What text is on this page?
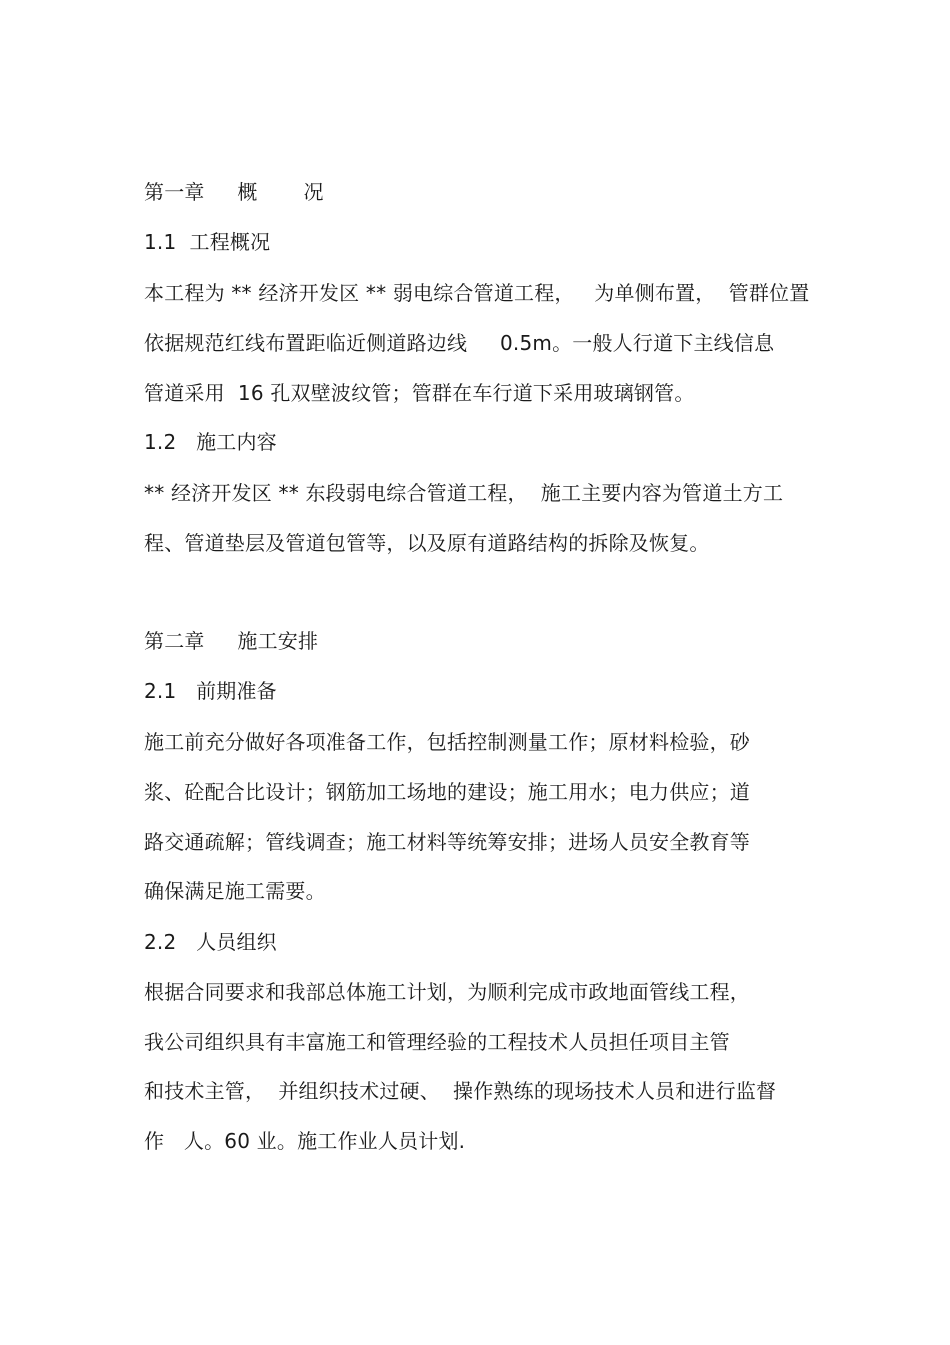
第一章     概       况
1.1  工程概况
本工程为 ** 经济开发区 ** 弱电综合管道工程，   为单侧布置，  管群位置
依据规范红线布置距临近侧道路边线     0.5m。一般人行道下主线信息
管道采用  16 孔双壁波纹管；管群在车行道下采用玻璃钢管。
1.2   施工内容
** 经济开发区 ** 东段弱电综合管道工程，  施工主要内容为管道土方工
程、管道垫层及管道包管等，以及原有道路结构的拆除及恢复。
第二章     施工安排
2.1   前期准备
施工前充分做好各项准备工作，包括控制测量工作；原材料检验，砂
浆、砼配合比设计；钢筋加工场地的建设；施工用水；电力供应；道
路交通疏解；管线调查；施工材料等统筹安排；进场人员安全教育等
确保满足施工需要。
2.2   人员组织
根据合同要求和我部总体施工计划，为顺利完成市政地面管线工程，
我公司组织具有丰富施工和管理经验的工程技术人员担任项目主管
和技术主管，  并组织技术过硬、  操作熟练的现场技术人员和进行监督
作   人。60 业。施工作业人员计划.
